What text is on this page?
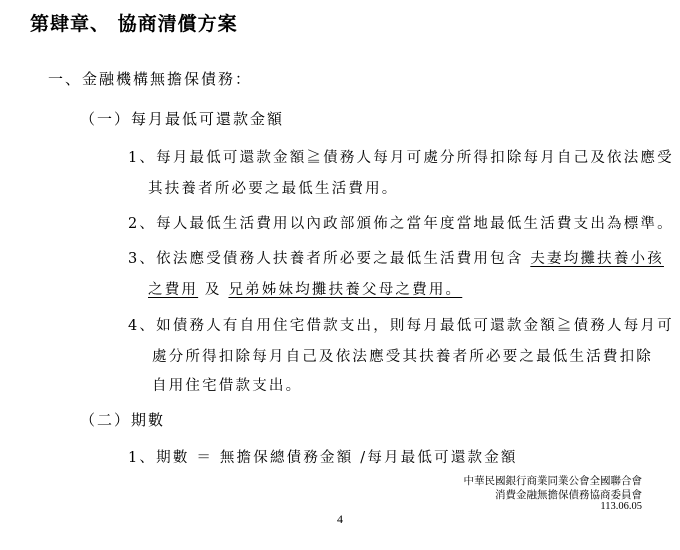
第肆章、 協商清償方案
一、金融機構無擔保債務：
（一）每月最低可還款金額
1、每月最低可還款金額≧債務人每月可處分所得扣除每月自己及依法應受
其扶養者所必要之最低生活費用。
2、每人最低生活費用以內政部頒佈之當年度當地最低生活費支出為標準。
3、依法應受債務人扶養者所必要之最低生活費用包含 夫妻均攤扶養小孩
之費用 及 兄弟姊妹均攤扶養父母之費用。
4、如債務人有自用住宅借款支出，則每月最低可還款金額≧債務人每月可
處分所得扣除每月自己及依法應受其扶養者所必要之最低生活費扣除
自用住宅借款支出。
（二）期數
1、期數 ＝ 無擔保總債務金額 /每月最低可還款金額
中華民國銀行商業同業公會全國聯合會
消費金融無擔保債務協商委員會
113.06.05
4
